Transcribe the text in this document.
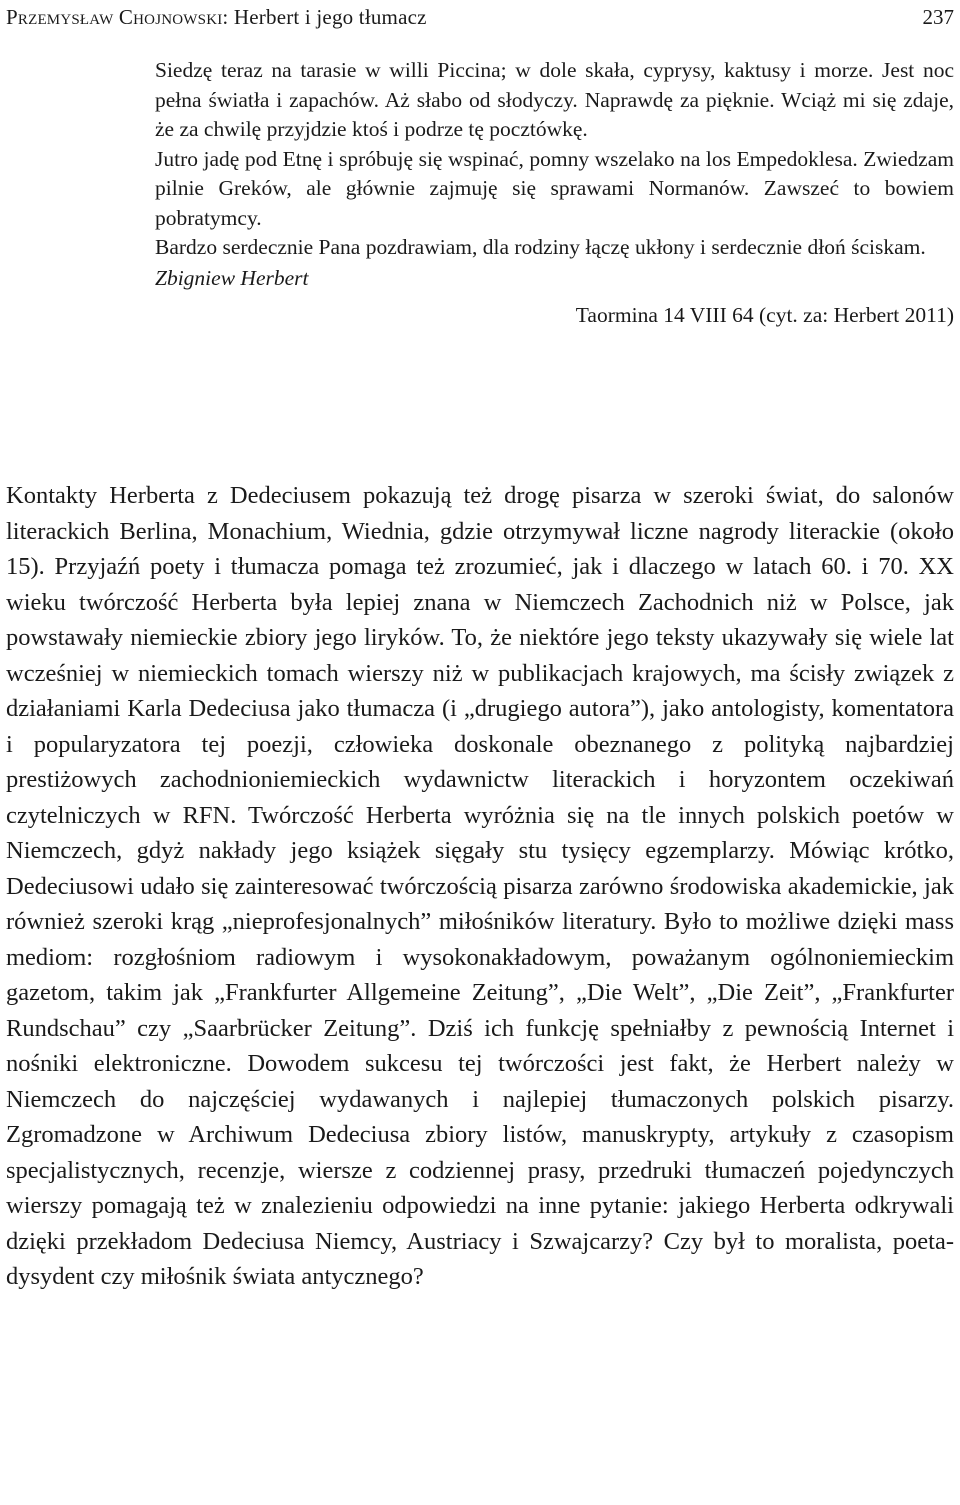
Przemysław Chojnowski: Herbert i jego tłumacz	237

Siedzę teraz na tarasie w willi Piccina; w dole skała, cyprysy, kaktusy i morze. Jest noc pełna światła i zapachów. Aż słabo od słodyczy. Naprawdę za pięknie. Wciąż mi się zdaje, że za chwilę przyjdzie ktoś i podrze tę pocztówkę.

Jutro jadę pod Etnę i spróbuję się wspinać, pomny wszelako na los Empedoklesa. Zwiedzam pilnie Greków, ale głównie zajmuję się sprawami Normanów. Zawszeć to bowiem pobratymcy.

Bardzo serdecznie Pana pozdrawiam, dla rodziny łączę ukłony i serdecznie dłoń ściskam.

Zbigniew Herbert

Taormina 14 VIII 64 (cyt. za: Herbert 2011)

Kontakty Herberta z Dedeciusem pokazują też drogę pisarza w szeroki świat, do salonów literackich Berlina, Monachium, Wiednia, gdzie otrzymywał liczne nagrody literackie (około 15). Przyjaźń poety i tłumacza pomaga też zrozumieć, jak i dlaczego w latach 60. i 70. XX wieku twórczość Herberta była lepiej znana w Niemczech Zachodnich niż w Polsce, jak powstawały niemieckie zbiory jego liryków. To, że niektóre jego teksty ukazywały się wiele lat wcześniej w niemieckich tomach wierszy niż w publikacjach krajowych, ma ścisły związek z działaniami Karla Dedeciusa jako tłumacza (i „drugiego autora”), jako antologisty, komentatora i popularyzatora tej poezji, człowieka doskonale obeznanego z polityką najbardziej prestiżowych zachodnioniemieckich wydawnictw literackich i horyzontem oczekiwań czytelniczych w RFN. Twórczość Herberta wyróżnia się na tle innych polskich poetów w Niemczech, gdyż nakłady jego książek sięgały stu tysięcy egzemplarzy. Mówiąc krótko, Dedeciusowi udało się zainteresować twórczością pisarza zarówno środowiska akademickie, jak również szeroki krąg „nieprofesjonalnych” miłośników literatury. Było to możliwe dzięki mass mediom: rozgłośniom radiowym i wysokonakładowym, poważanym ogólnoniemieckim gazetom, takim jak „Frankfurter Allgemeine Zeitung”, „Die Welt”, „Die Zeit”, „Frankfurter Rundschau” czy „Saarbrücker Zeitung”. Dziś ich funkcję spełniałby z pewnością Internet i nośniki elektroniczne. Dowodem sukcesu tej twórczości jest fakt, że Herbert należy w Niemczech do najczęściej wydawanych i najlepiej tłumaczonych polskich pisarzy. Zgromadzone w Archiwum Dedeciusa zbiory listów, manuskrypty, artykuły z czasopism specjalistycznych, recenzje, wiersze z codziennej prasy, przedruki tłumaczeń pojedynczych wierszy pomagają też w znalezieniu odpowiedzi na inne pytanie: jakiego Herberta odkrywali dzięki przekładom Dedeciusa Niemcy, Austriacy i Szwajcarzy? Czy był to moralista, poeta-dysydent czy miłośnik świata antycznego?
